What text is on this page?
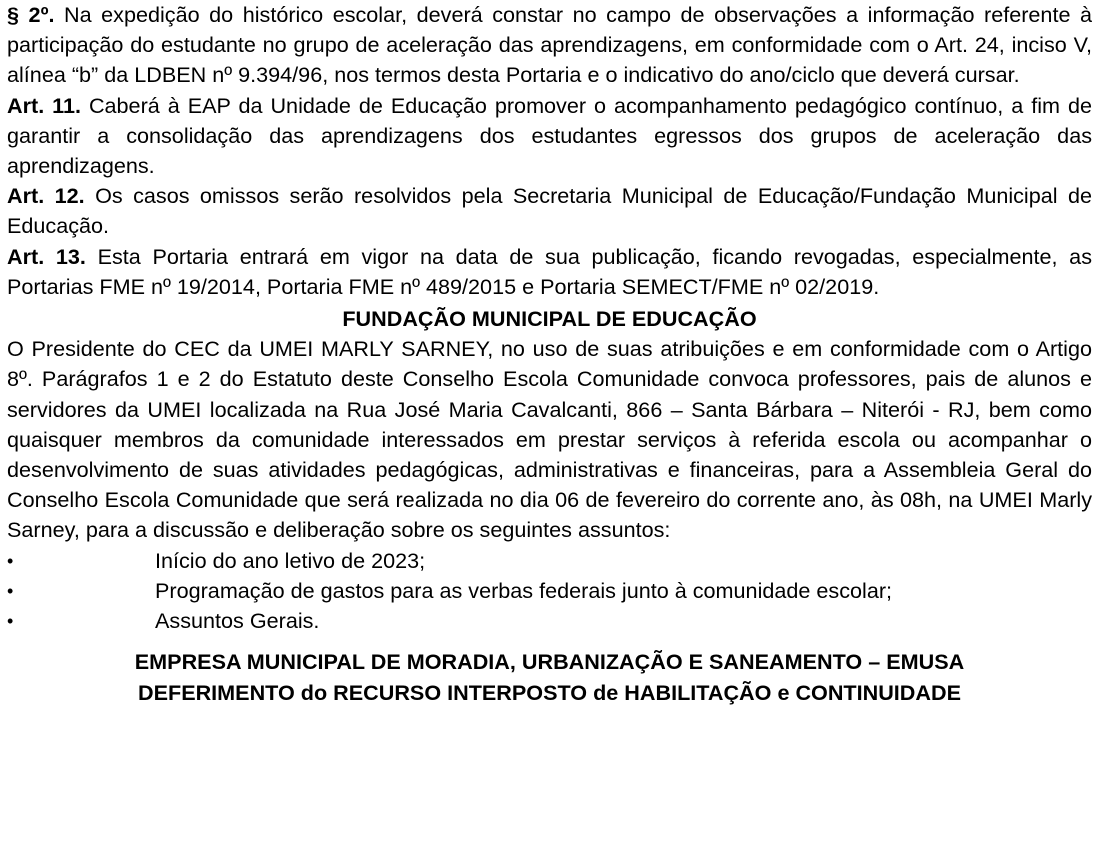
§ 2º. Na expedição do histórico escolar, deverá constar no campo de observações a informação referente à participação do estudante no grupo de aceleração das aprendizagens, em conformidade com o Art. 24, inciso V, alínea “b” da LDBEN nº 9.394/96, nos termos desta Portaria e o indicativo do ano/ciclo que deverá cursar.

Art. 11. Caberá à EAP da Unidade de Educação promover o acompanhamento pedagógico contínuo, a fim de garantir a consolidação das aprendizagens dos estudantes egressos dos grupos de aceleração das aprendizagens.

Art. 12. Os casos omissos serão resolvidos pela Secretaria Municipal de Educação/Fundação Municipal de Educação.

Art. 13. Esta Portaria entrará em vigor na data de sua publicação, ficando revogadas, especialmente, as Portarias FME nº 19/2014, Portaria FME nº 489/2015 e Portaria SEMECT/FME nº 02/2019.

FUNDAÇÃO MUNICIPAL DE EDUCAÇÃO

O Presidente do CEC da UMEI MARLY SARNEY, no uso de suas atribuições e em conformidade com o Artigo 8º. Parágrafos 1 e 2 do Estatuto deste Conselho Escola Comunidade convoca professores, pais de alunos e servidores da UMEI localizada na Rua José Maria Cavalcanti, 866 – Santa Bárbara – Niterói - RJ, bem como quaisquer membros da comunidade interessados em prestar serviços à referida escola ou acompanhar o desenvolvimento de suas atividades pedagógicas, administrativas e financeiras, para a Assembleia Geral do Conselho Escola Comunidade que será realizada no dia 06 de fevereiro do corrente ano, às 08h, na UMEI Marly Sarney, para a discussão e deliberação sobre os seguintes assuntos:

•	Início do ano letivo de 2023;
•	Programação de gastos para as verbas federais junto à comunidade escolar;
•	Assuntos Gerais.
EMPRESA MUNICIPAL DE MORADIA, URBANIZAÇÃO E SANEAMENTO – EMUSA
DEFERIMENTO do RECURSO INTERPOSTO de HABILITAÇÃO e CONTINUIDADE
